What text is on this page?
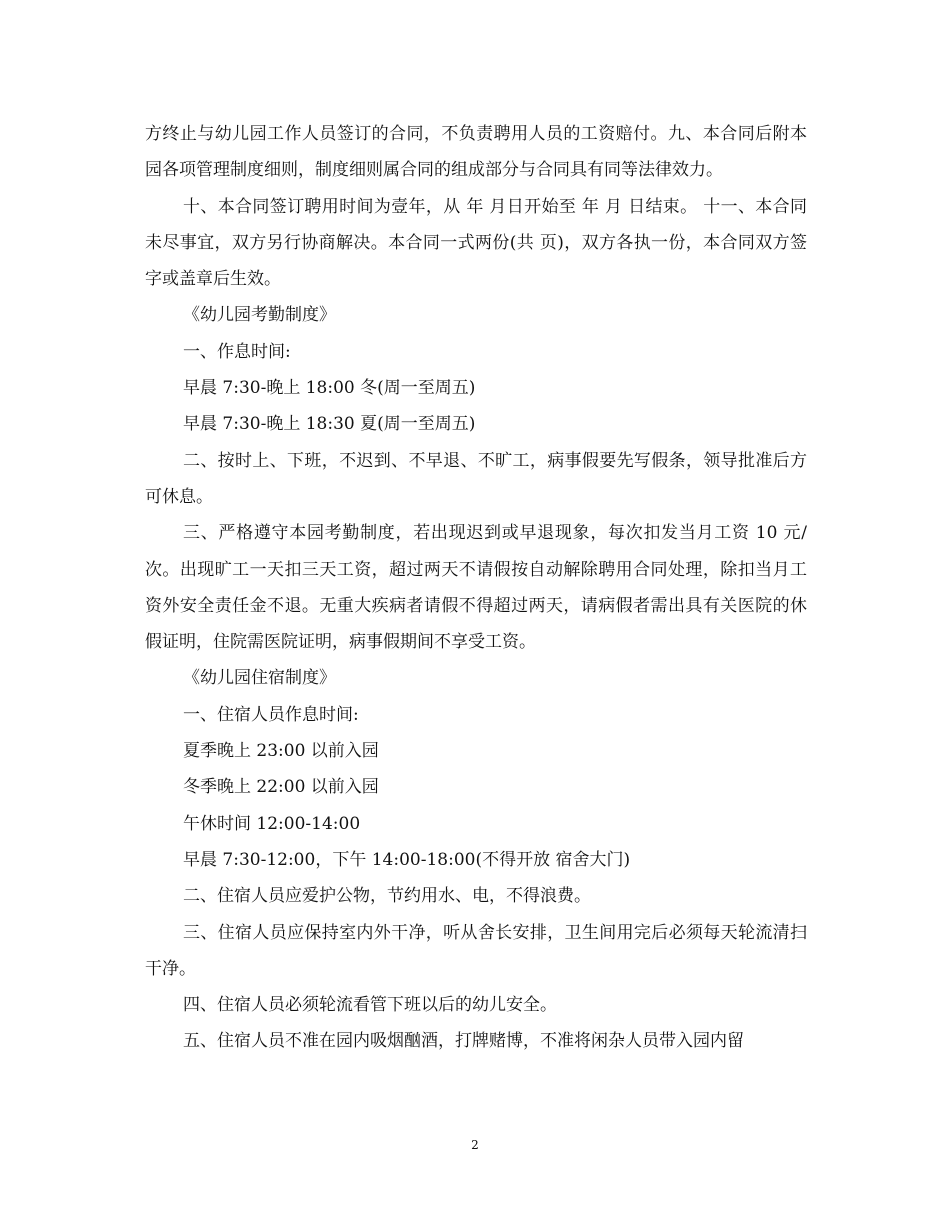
方终止与幼儿园工作人员签订的合同，不负责聘用人员的工资赔付。九、本合同后附本园各项管理制度细则，制度细则属合同的组成部分与合同具有同等法律效力。

十、本合同签订聘用时间为壹年，从 年 月日开始至 年 月 日结束。 十一、本合同未尽事宜，双方另行协商解决。本合同一式两份(共 页)，双方各执一份，本合同双方签字或盖章后生效。

《幼儿园考勤制度》

一、作息时间:

早晨 7:30-晚上 18:00 冬(周一至周五)

早晨 7:30-晚上 18:30 夏(周一至周五)

二、按时上、下班，不迟到、不早退、不旷工，病事假要先写假条，领导批准后方可休息。

三、严格遵守本园考勤制度，若出现迟到或早退现象，每次扣发当月工资 10 元/次。出现旷工一天扣三天工资，超过两天不请假按自动解除聘用合同处理，除扣当月工资外安全责任金不退。无重大疾病者请假不得超过两天，请病假者需出具有关医院的休假证明，住院需医院证明，病事假期间不享受工资。

《幼儿园住宿制度》

一、住宿人员作息时间:

夏季晚上 23:00 以前入园

冬季晚上 22:00 以前入园

午休时间 12:00-14:00

早晨 7:30-12:00，下午 14:00-18:00(不得开放 宿舍大门)

二、住宿人员应爱护公物，节约用水、电，不得浪费。

三、住宿人员应保持室内外干净，听从舍长安排，卫生间用完后必须每天轮流清扫干净。

四、住宿人员必须轮流看管下班以后的幼儿安全。

五、住宿人员不准在园内吸烟酗酒，打牌赌博，不准将闲杂人员带入园内留

2
